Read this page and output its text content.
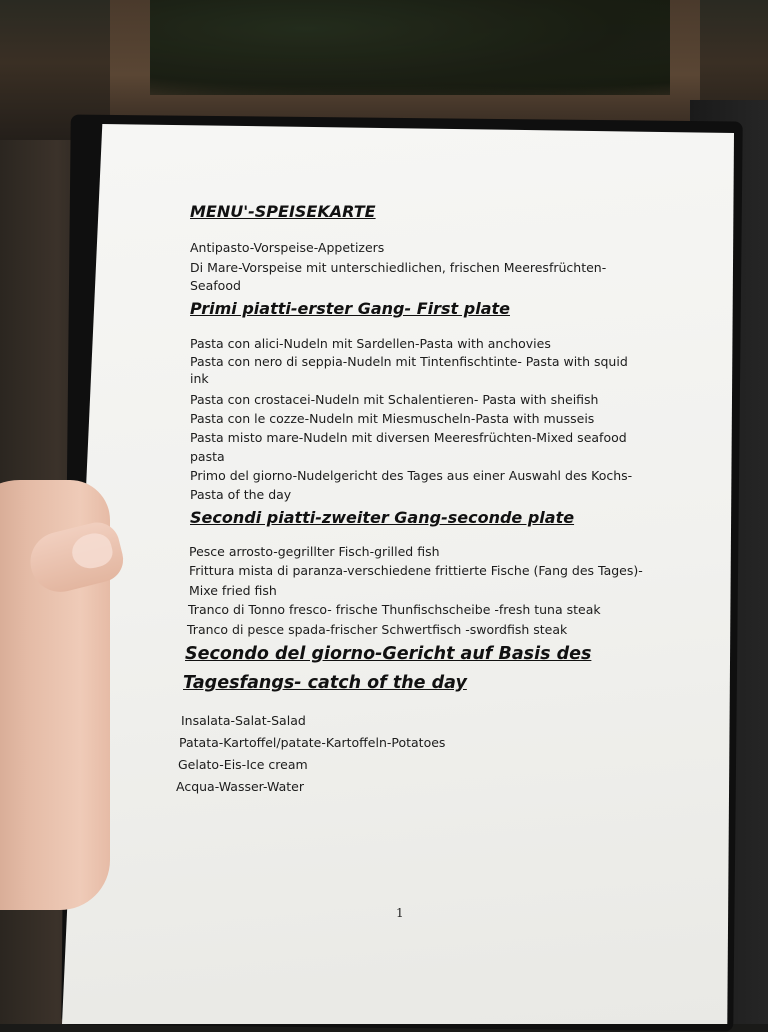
MENU'-SPEISEKARTE
Antipasto-Vorspeise-Appetizers
Di Mare-Vorspeise mit unterschiedlichen, frischen Meeresfrüchten-
Seafood
Primi piatti-erster Gang- First plate
Pasta con alici-Nudeln mit Sardellen-Pasta with anchovies
Pasta con nero di seppia-Nudeln mit Tintenfischtinte- Pasta with squid
ink
Pasta con crostacei-Nudeln mit Schalentieren- Pasta with sheifish
Pasta con le cozze-Nudeln mit Miesmuscheln-Pasta with musseis
Pasta misto mare-Nudeln mit diversen Meeresfrüchten-Mixed seafood
pasta
Primo del giorno-Nudelgericht des Tages aus einer Auswahl des Kochs-
Pasta of the day
Secondi piatti-zweiter Gang-seconde plate
Pesce arrosto-gegrillter Fisch-grilled fish
Frittura mista di paranza-verschiedene frittierte Fische (Fang des Tages)-
Mixe fried fish
Tranco di Tonno fresco- frische Thunfischscheibe -fresh tuna steak
Tranco di pesce spada-frischer Schwertfisch -swordfish steak
Secondo del giorno-Gericht auf Basis des
Tagesfangs- catch of the day
Insalata-Salat-Salad
Patata-Kartoffel/patate-Kartoffeln-Potatoes
Gelato-Eis-Ice cream
Acqua-Wasser-Water
1
